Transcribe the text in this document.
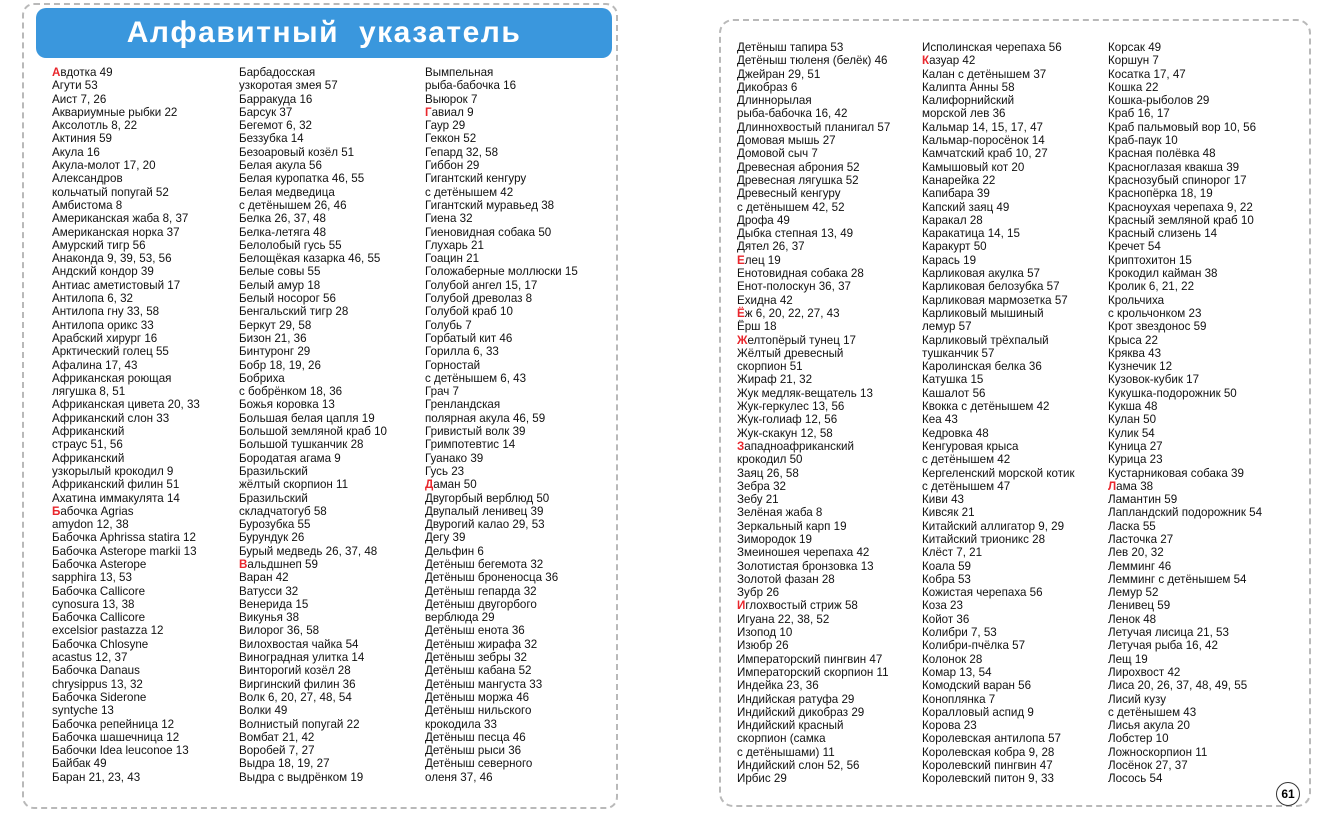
Алфавитный указатель
Авдотка 49
Агути 53
Аист 7, 26
Аквариумные рыбки 22
Аксолотль 8, 22
Актиния 59
Акула 16
Акула-молот 17, 20
Александров
кольчатый попугай 52
Амбистома 8
Американская жаба 8, 37
Американская норка 37
Амурский тигр 56
Анаконда 9, 39, 53, 56
Андский кондор 39
Антиас аметистовый 17
Антилопа 6, 32
Антилопа гну 33, 58
Антилопа орикс 33
Арабский хирург 16
Арктический голец 55
Афалина 17, 43
Африканская роющая
лягушка 8, 51
Африканская цивета 20, 33
Африканский слон 33
Африканский
страус 51, 56
Африканский
узкорылый крокодил 9
Африканский филин 51
Ахатина иммакулята 14
Бабочка Agrias
amydon 12, 38
Бабочка Aphrissa statira 12
Бабочка Asterope markii 13
Бабочка Asterope
sapphira 13, 53
Бабочка Callicore
cynosura 13, 38
Бабочка Callicore
excelsior pastazza 12
Бабочка Chlosyne
acastus 12, 37
Бабочка Danaus
chrysippus 13, 32
Бабочка Siderone
syntyche 13
Бабочка репейница 12
Бабочка шашечница 12
Бабочки Idea leuconoe 13
Байбак 49
Баран 21, 23, 43
Барбадосская
узкоротая змея 57
Барракуда 16
Барсук 37
Бегемот 6, 32
Беззубка 14
Безоаровый козёл 51
Белая акула 56
Белая куропатка 46, 55
Белая медведица
с детёнышем 26, 46
Белка 26, 37, 48
Белка-летяга 48
Белолобый гусь 55
Белощёкая казарка 46, 55
Белые совы 55
Белый амур 18
Белый носорог 56
Бенгальский тигр 28
Беркут 29, 58
Бизон 21, 36
Бинтуронг 29
Бобр 18, 19, 26
Бобриха
с бобрёнком 18, 36
Божья коровка 13
Большая белая цапля 19
Большой земляной краб 10
Большой тушканчик 28
Бородатая агама 9
Бразильский
жёлтый скорпион 11
Бразильский
складчатогуб 58
Бурозубка 55
Бурундук 26
Бурый медведь 26, 37, 48
Вальдшнеп 59
Варан 42
Ватусси 32
Венерида 15
Викунья 38
Вилорог 36, 58
Вилохвостая чайка 54
Виноградная улитка 14
Винторогий козёл 28
Виргинский филин 36
Волк 6, 20, 27, 48, 54
Волки 49
Волнистый попугай 22
Вомбат 21, 42
Воробей 7, 27
Выдра 18, 19, 27
Выдра с выдрёнком 19
Вымпельная
рыба-бабочка 16
Выюрок 7
Гавиал 9
Гаур 29
Геккон 52
Гепард 32, 58
Гиббон 29
Гигантский кенгуру
с детёнышем 42
Гигантский муравьед 38
Гиена 32
Гиеновидная собака 50
Глухарь 21
Гоацин 21
Голожаберные моллюски 15
Голубой ангел 15, 17
Голубой древолаз 8
Голубой краб 10
Голубь 7
Горбатый кит 46
Горилла 6, 33
Горностай
с детёнышем 6, 43
Грач 7
Гренландская
полярная акула 46, 59
Гривистый волк 39
Гримпотевтис 14
Гуанако 39
Гусь 23
Даман 50
Двугорбый верблюд 50
Двупалый ленивец 39
Двурогий калао 29, 53
Дегу 39
Дельфин 6
Детёныш бегемота 32
Детёныш броненосца 36
Детёныш гепарда 32
Детёныш двугорбого
верблюда 29
Детёныш енота 36
Детёныш жирафа 32
Детёныш зебры 32
Детёныш кабана 52
Детёныш мангуста 33
Детёныш моржа 46
Детёныш нильского
крокодила 33
Детёныш песца 46
Детёныш рыси 36
Детёныш северного
оленя 37, 46
Детёныш тапира 53
Детёныш тюленя (белёк) 46
Джейран 29, 51
Дикобраз 6
Длиннорылая
рыба-бабочка 16, 42
Длиннохвостый планигал 57
Домовая мышь 27
Домовой сыч 7
Древесная аброния 52
Древесная лягушка 52
Древесный кенгуру
с детёнышем 42, 52
Дрофа 49
Дыбка степная 13, 49
Дятел 26, 37
Елец 19
Енотовидная собака 28
Енот-полоскун 36, 37
Ехидна 42
Ёж 6, 20, 22, 27, 43
Ёрш 18
Желтопёрый тунец 17
Жёлтый древесный
скорпион 51
Жираф 21, 32
Жук медляк-вещатель 13
Жук-геркулес 13, 56
Жук-голиаф 12, 56
Жук-скакун 12, 58
Западноафриканский
крокодил 50
Заяц 26, 58
Зебра 32
Зебу 21
Зелёная жаба 8
Зеркальный карп 19
Зимородок 19
Змеиношея черепаха 42
Золотистая бронзовка 13
Золотой фазан 28
Зубр 26
Иглохвостый стриж 58
Игуана 22, 38, 52
Изопод 10
Изюбр 26
Императорский пингвин 47
Императорский скорпион 11
Индейка 23, 36
Индийская ратуфа 29
Индийский дикобраз 29
Индийский красный
скорпион (самка
с детёнышами) 11
Индийский слон 52, 56
Ирбис 29
Исполинская черепаха 56
Казуар 42
Калан с детёнышем 37
Калипта Анны 58
Калифорнийский
морской лев 36
Кальмар 14, 15, 17, 47
Кальмар-поросёнок 14
Камчатский краб 10, 27
Камышовый кот 20
Канарейка 22
Капибара 39
Капский заяц 49
Каракал 28
Каракатица 14, 15
Каракурт 50
Карась 19
Карликовая акулка 57
Карликовая белозубка 57
Карликовая мармозетка 57
Карликовый мышиный
лемур 57
Карликовый трёхпалый
тушканчик 57
Каролинская белка 36
Катушка 15
Кашалот 56
Квокка с детёнышем 42
Кеа 43
Кедровка 48
Кенгуровая крыса
с детёнышем 42
Кергеленский морской котик
с детёнышем 47
Киви 43
Кивсяк 21
Китайский аллигатор 9, 29
Китайский трионикс 28
Клёст 7, 21
Коала 59
Кобра 53
Кожистая черепаха 56
Коза 23
Койот 36
Колибри 7, 53
Колибри-пчёлка 57
Колонок 28
Комар 13, 54
Комодский варан 56
Коноплянка 7
Коралловый аспид 9
Корова 23
Королевская антилопа 57
Королевская кобра 9, 28
Королевский пингвин 47
Королевский питон 9, 33
Корсак 49
Коршун 7
Косатка 17, 47
Кошка 22
Кошка-рыболов 29
Краб 16, 17
Краб пальмовый вор 10, 56
Краб-паук 10
Красная полёвка 48
Красноглазая квакша 39
Краснозубый спинорог 17
Краснопёрка 18, 19
Красноухая черепаха 9, 22
Красный земляной краб 10
Красный слизень 14
Кречет 54
Криптохитон 15
Крокодил кайман 38
Кролик 6, 21, 22
Крольчиха
с крольчонком 23
Крот звездонос 59
Крыса 22
Кряква 43
Кузнечик 12
Кузовок-кубик 17
Кукушка-подорожник 50
Кукша 48
Кулан 50
Кулик 54
Куница 27
Курица 23
Кустарниковая собака 39
Лама 38
Ламантин 59
Лапландский подорожник 54
Ласка 55
Ласточка 27
Лев 20, 32
Лемминг 46
Лемминг с детёнышем 54
Лемур 52
Ленивец 59
Ленок 48
Летучая лисица 21, 53
Летучая рыба 16, 42
Лещ 19
Лирохвост 42
Лиса 20, 26, 37, 48, 49, 55
Лисий кузу
с детёнышем 43
Лисья акула 20
Лобстер 10
Ложноскорпион 11
Лосёнок 27, 37
Лосось 54
61
